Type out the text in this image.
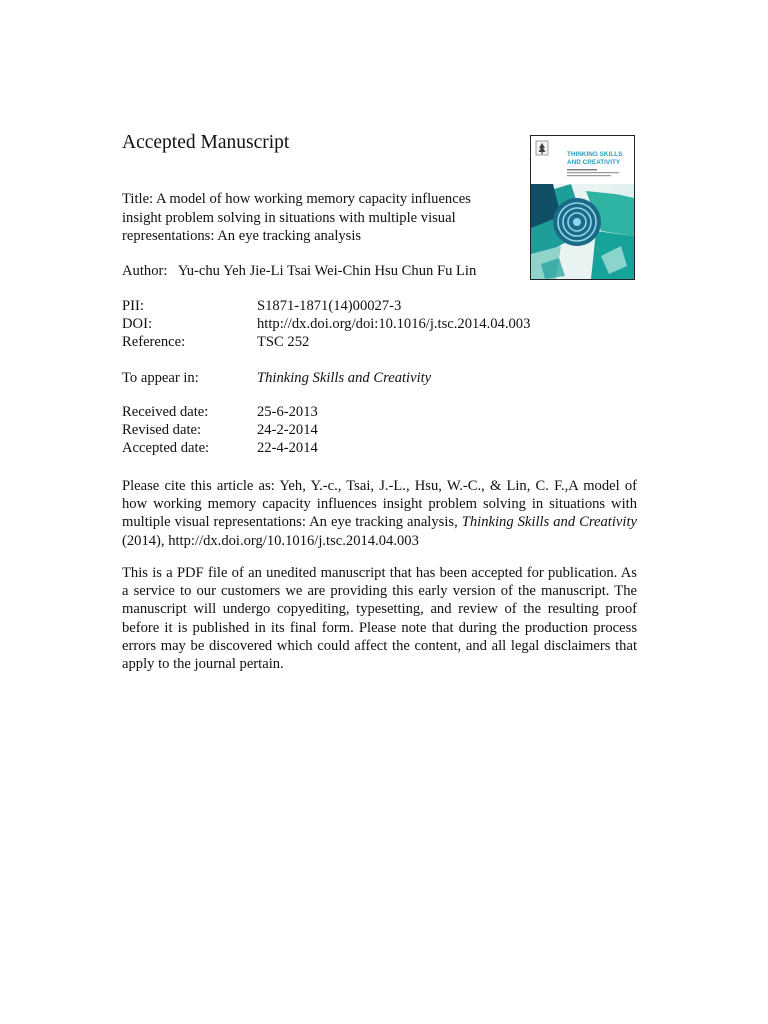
Accepted Manuscript
THINKING SKILLS
AND CREATIVITY
Title: A model of how working memory capacity influences insight problem solving in situations with multiple visual representations: An eye tracking analysis
Author: Yu-chu Yeh Jie-Li Tsai Wei-Chin Hsu Chun Fu Lin
PII:	S1871-1871(14)00027-3
DOI:	http://dx.doi.org/doi:10.1016/j.tsc.2014.04.003
Reference:	TSC 252
To appear in:	Thinking Skills and Creativity
Received date:	25-6-2013
Revised date:	24-2-2014
Accepted date:	22-4-2014
Please cite this article as: Yeh, Y.-c., Tsai, J.-L., Hsu, W.-C., & Lin, C. F.,A model of how working memory capacity influences insight problem solving in situations with multiple visual representations: An eye tracking analysis, Thinking Skills and Creativity (2014), http://dx.doi.org/10.1016/j.tsc.2014.04.003
This is a PDF file of an unedited manuscript that has been accepted for publication. As a service to our customers we are providing this early version of the manuscript. The manuscript will undergo copyediting, typesetting, and review of the resulting proof before it is published in its final form. Please note that during the production process errors may be discovered which could affect the content, and all legal disclaimers that apply to the journal pertain.
